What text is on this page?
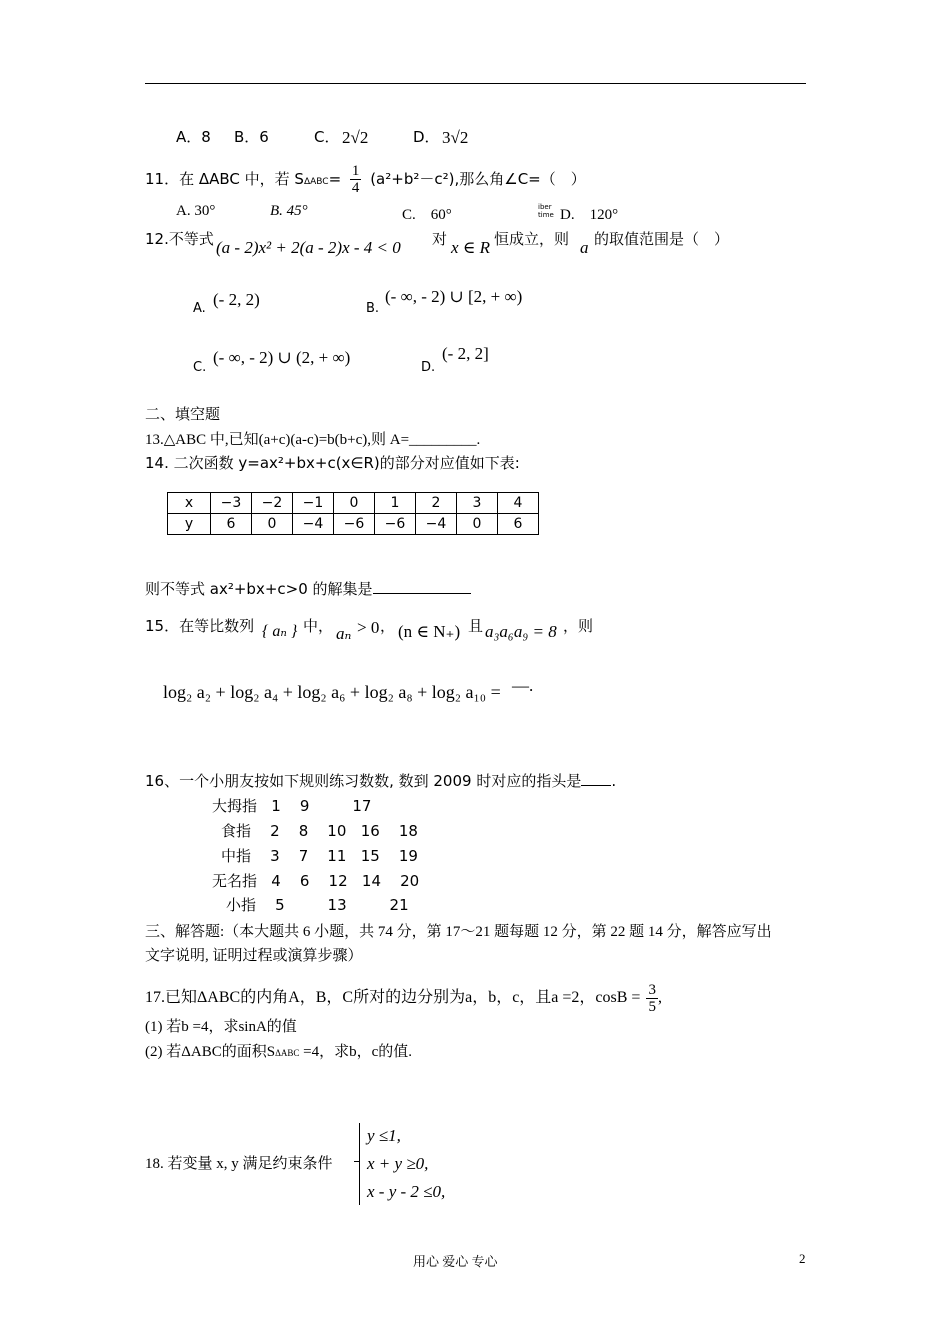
A．8 B．6	C． 2√2	D． 3√2
11．在 ΔABC 中，若 $S\Delta ABC= \frac{1}{4} (a^2+b^2-c^2)$,那么角∠C=（　）
A. 30°	B. 45°	C.　60°	iber time D.　120°
12.不等式 (a - 2)x² + 2(a - 2)x - 4 < 0 对 x ∈ R 恒成立，则 a 的取值范围是（　）
A. (- 2, 2)	B.
(- ∞, - 2) ∪ [2, + ∞)
C.
(- ∞, - 2) ∪ (2, + ∞)
D.
(- 2, 2]
二、填空题
13.△ABC 中,已知(a+c)(a-c)=b(b+c),则 A=_________.
14. 二次函数 y=ax²+bx+c(x∈R)的部分对应值如下表:
x	−3	−2	−1	0	1	2	3	4
y	6	0	−4	−6	−6	−4	0	6
则不等式 ax²+bx+c>0 的解集是
15．在等比数列 { aₙ } 中， aₙ > 0 ， (n ∈ N₊) 且 a₃a₆a₉ = 8 ，则
log₂ a₂ + log₂ a₄ + log₂ a₆ + log₂ a₈ + log₂ a₁₀ = —.
16、一个小朋友按如下规则练习数数, 数到 2009 时对应的指头是 .
大拇指   1    9         17
食指    2    8    10   16    18
中指    3    7    11   15    19
无名指   4    6    12   14    20
小指    5         13         21
三、解答题:（本大题共 6 小题，共 74 分，第 17～21 题每题 12 分，第 22 题 14 分，解答应写出
文字说明, 证明过程或演算步骤）
17.已知ΔABC的内角A，B，C所对的边分别为a，b，c，且a =2，$\cos B = \frac{3}{5}$ ,
(1) 若b =4，求sinA的值
(2) 若ΔABC的面积SΔABC =4，求b，c的值.
18. 若变量 x, y 满足约束条件
y ≤1,
x + y ≥0,
x - y - 2 ≤0,
用心 爱心 专心	2
